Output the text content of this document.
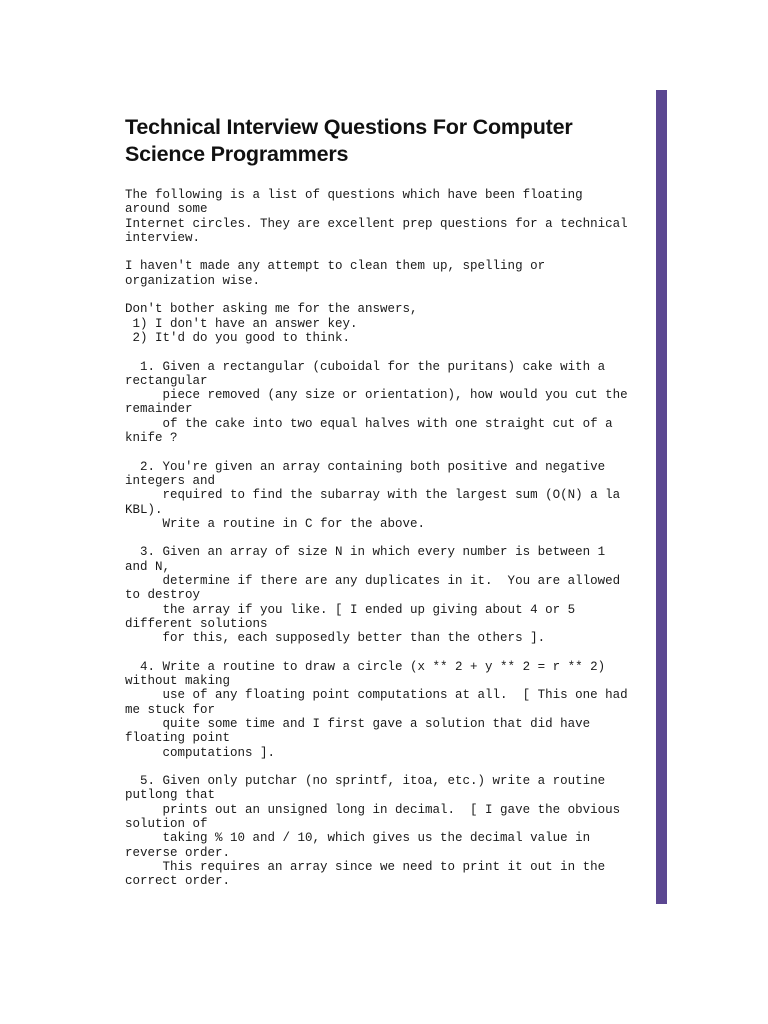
Technical Interview Questions For Computer
Science Programmers
The following is a list of questions which have been floating
around some
Internet circles. They are excellent prep questions for a technical
interview.
I haven't made any attempt to clean them up, spelling or
organization wise.
Don't bother asking me for the answers,
1) I don't have an answer key.
2) It'd do you good to think.
1. Given a rectangular (cuboidal for the puritans) cake with a
rectangular
piece removed (any size or orientation), how would you cut the
remainder
of the cake into two equal halves with one straight cut of a
knife ?
2. You're given an array containing both positive and negative
integers and
required to find the subarray with the largest sum (O(N) a la
KBL).
Write a routine in C for the above.
3. Given an array of size N in which every number is between 1
and N,
determine if there are any duplicates in it.  You are allowed
to destroy
the array if you like. [ I ended up giving about 4 or 5
different solutions
for this, each supposedly better than the others ].
4. Write a routine to draw a circle (x ** 2 + y ** 2 = r ** 2)
without making
use of any floating point computations at all.  [ This one had
me stuck for
quite some time and I first gave a solution that did have
floating point
computations ].
5. Given only putchar (no sprintf, itoa, etc.) write a routine
putlong that
prints out an unsigned long in decimal.  [ I gave the obvious
solution of
taking % 10 and / 10, which gives us the decimal value in
reverse order.
This requires an array since we need to print it out in the
correct order.
